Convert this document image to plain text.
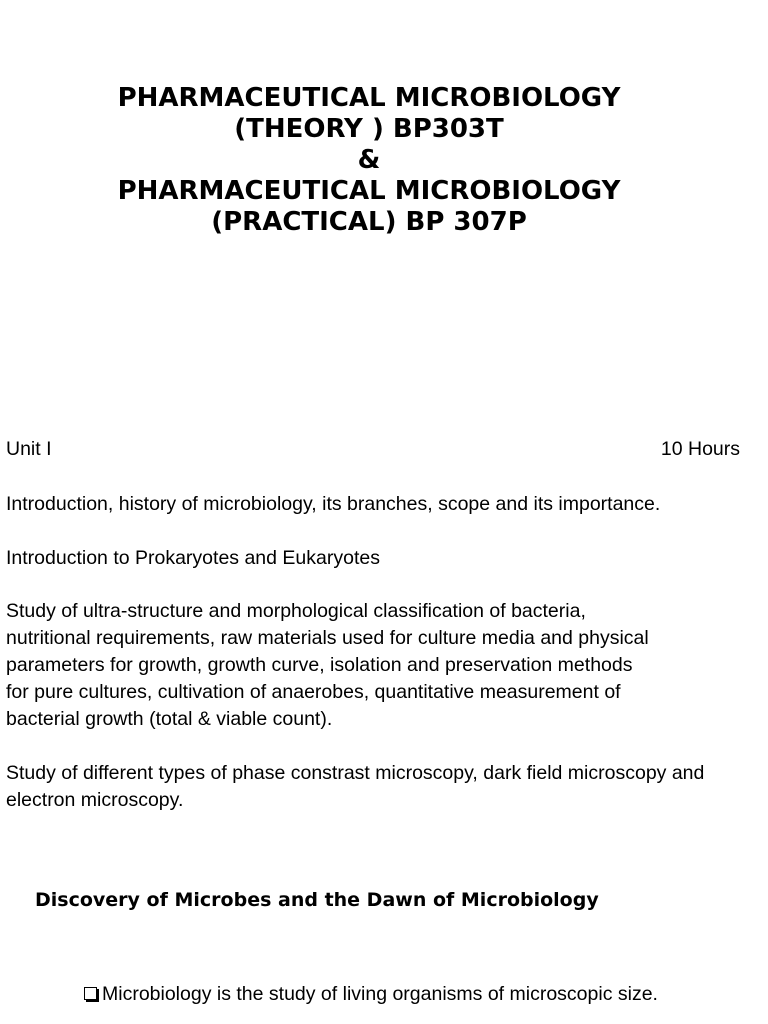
PHARMACEUTICAL MICROBIOLOGY
(THEORY ) BP303T
&
PHARMACEUTICAL MICROBIOLOGY
(PRACTICAL) BP 307P
Unit I	10 Hours
Introduction, history of microbiology, its branches, scope and its importance.
Introduction to Prokaryotes and Eukaryotes
Study of ultra-structure and morphological classification of bacteria,
nutritional requirements, raw materials used for culture media and physical
parameters for growth, growth curve, isolation and preservation methods
for pure cultures, cultivation of anaerobes, quantitative measurement of
bacterial growth (total & viable count).
Study of different types of phase constrast microscopy, dark field microscopy and
electron microscopy.
Discovery of Microbes and the Dawn of Microbiology
Microbiology is the study of living organisms of microscopic size.
